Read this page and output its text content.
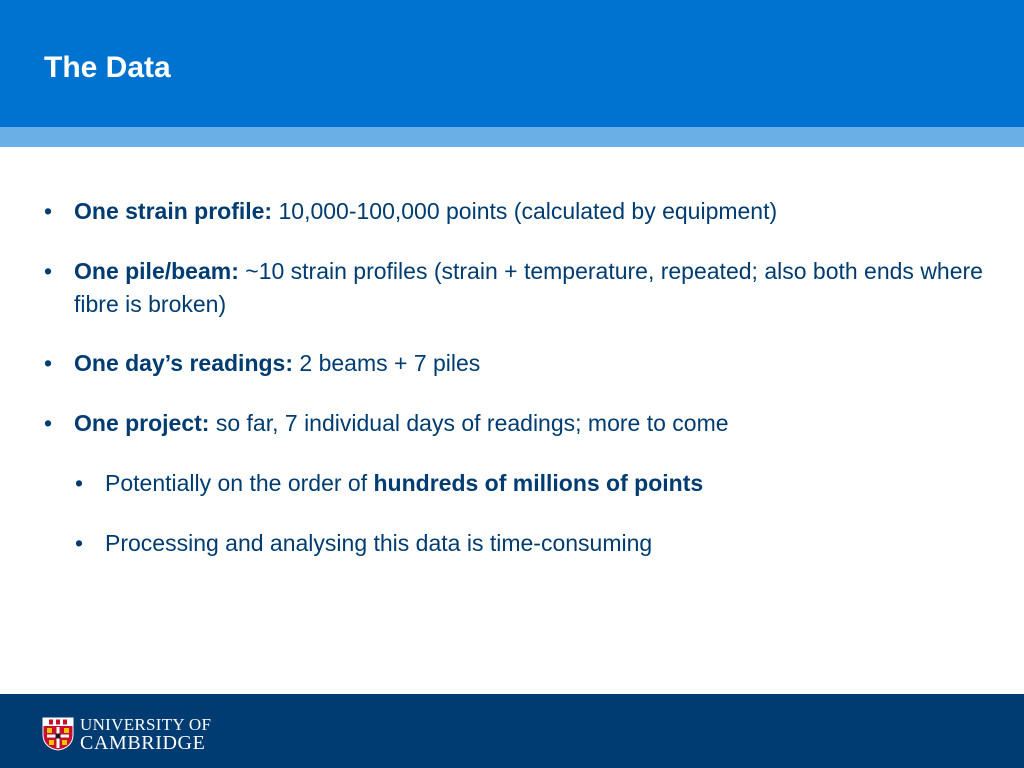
The Data
• One strain profile: 10,000-100,000 points (calculated by equipment)
• One pile/beam: ~10 strain profiles (strain + temperature, repeated; also both ends where fibre is broken)
• One day’s readings: 2 beams + 7 piles
• One project: so far, 7 individual days of readings; more to come
• Potentially on the order of hundreds of millions of points
• Processing and analysing this data is time-consuming
UNIVERSITY OF
CAMBRIDGE
